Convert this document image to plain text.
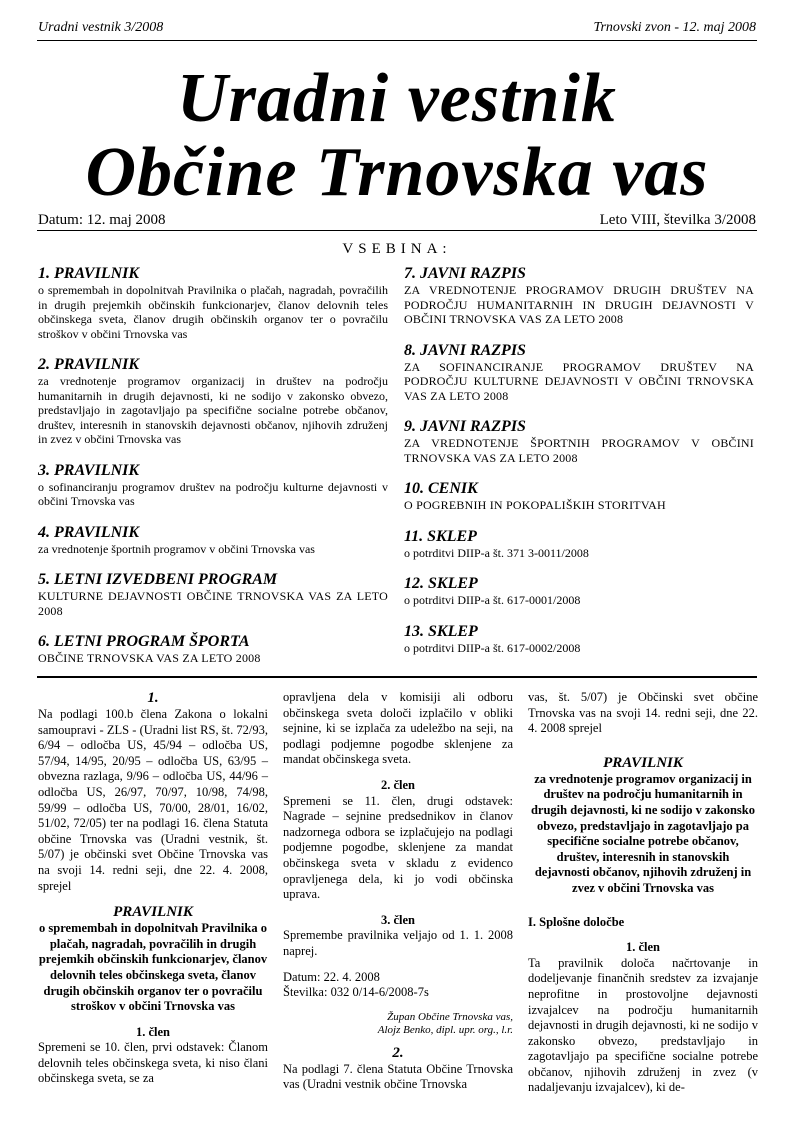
Uradni vestnik 3/2008	Trnovski zvon - 12. maj 2008
Uradni vestnik
Občine Trnovska vas
Datum: 12. maj 2008	Leto VIII, številka 3/2008
VSEBINA:
1. PRAVILNIK
o spremembah in dopolnitvah Pravilnika o plačah, nagradah, povračilih in drugih prejemkih občinskih funkcionarjev, članov delovnih teles občinskega sveta, članov drugih občinskih organov ter o povračilu stroškov v občini Trnovska vas
2. PRAVILNIK
za vrednotenje programov organizacij in društev na področju humanitarnih in drugih dejavnosti, ki ne sodijo v zakonsko obvezo, predstavljajo in zagotavljajo pa specifične socialne potrebe občanov, društev, interesnih in stanovskih dejavnosti občanov, njihovih združenj in zvez v občini Trnovska vas
3. PRAVILNIK
o sofinanciranju programov društev na področju kulturne dejavnosti v občini Trnovska vas
4. PRAVILNIK
za vrednotenje športnih programov v občini Trnovska vas
5. LETNI IZVEDBENI PROGRAM
KULTURNE DEJAVNOSTI OBČINE TRNOVSKA VAS ZA LETO 2008
6. LETNI PROGRAM ŠPORTA
OBČINE TRNOVSKA VAS ZA LETO 2008
7. JAVNI RAZPIS
ZA VREDNOTENJE PROGRAMOV DRUGIH DRUŠTEV NA PODROČJU HUMANITARNIH IN DRUGIH DEJAVNOSTI V OBČINI TRNOVSKA VAS ZA LETO 2008
8. JAVNI RAZPIS
ZA SOFINANCIRANJE PROGRAMOV DRUŠTEV NA PODROČJU KULTURNE DEJAVNOSTI V OBČINI TRNOVSKA VAS ZA LETO 2008
9. JAVNI RAZPIS
ZA VREDNOTENJE ŠPORTNIH PROGRAMOV V OBČINI TRNOVSKA VAS ZA LETO 2008
10. CENIK
O POGREBNIH IN POKOPALIŠKIH STORITVAH
11. SKLEP
o potrditvi DIIP-a št. 371 3-0011/2008
12. SKLEP
o potrditvi DIIP-a št. 617-0001/2008
13. SKLEP
o potrditvi DIIP-a št. 617-0002/2008
1.

Na podlagi 100.b člena Zakona o lokalni samoupravi - ZLS - (Uradni list RS, št. 72/93, 6/94 – odločba US, 45/94 – odločba US, 57/94, 14/95, 20/95 – odločba US, 63/95 – obvezna razlaga, 9/96 – odločba US, 44/96 – odločba US, 26/97, 70/97, 10/98, 74/98, 59/99 – odločba US, 70/00, 28/01, 16/02, 51/02, 72/05) ter na podlagi 16. člena Statuta občine Trnovska vas (Uradni vestnik, št. 5/07) je občinski svet Občine Trnovska vas na svoji 14. redni seji, dne 22. 4. 2008, sprejel

PRAVILNIK
o spremembah in dopolnitvah Pravilnika o plačah, nagradah, povračilih in drugih prejemkih občinskih funkcionarjev, članov delovnih teles občinskega sveta, članov drugih občinskih organov ter o povračilu stroškov v občini Trnovska vas
1. člen

Spremeni se 10. člen, prvi odstavek: Članom delovnih teles občinskega sveta, ki niso člani občinskega sveta, se za

opravljena dela v komisiji ali odboru občinskega sveta določi izplačilo v obliki sejnine, ki se izplača za udeležbo na seji, na podlagi podjemne pogodbe sklenjene za mandat občinskega sveta.

2. člen

Spremeni se 11. člen, drugi odstavek: Nagrade – sejnine predsednikov in članov nadzornega odbora se izplačujejo na podlagi podjemne pogodbe, sklenjene za mandat občinskega sveta v skladu z evidenco opravljenega dela, ki jo vodi občinska uprava.

3. člen

Spremembe pravilnika veljajo od 1. 1. 2008 naprej.

Datum: 22. 4. 2008

Številka: 032 0/14-6/2008-7s

Župan Občine Trnovska vas,

Alojz Benko, dipl. upr. org., l.r.

2.

Na podlagi 7. člena Statuta Občine Trnovska vas (Uradni vestnik občine Trnovska

vas, št. 5/07) je Občinski svet občine Trnovska vas na svoji 14. redni seji, dne 22. 4. 2008 sprejel

PRAVILNIK
za vrednotenje programov organizacij in društev na področju humanitarnih in drugih dejavnosti, ki ne sodijo v zakonsko obvezo, predstavljajo in zagotavljajo pa specifične socialne potrebe občanov, društev, interesnih in stanovskih dejavnosti občanov, njihovih združenj in zvez v občini Trnovska vas

I. Splošne določbe

1. člen

Ta pravilnik določa načrtovanje in dodeljevanje finančnih sredstev za izvajanje neprofitne in prostovoljne dejavnosti izvajalcev na področju humanitarnih dejavnosti in drugih dejavnosti, ki ne sodijo v zakonsko obvezo, predstavljajo in zagotavljajo pa specifične socialne potrebe občanov, njihovih združenj in zvez (v nadaljevanju izvajalcev), ki de-
